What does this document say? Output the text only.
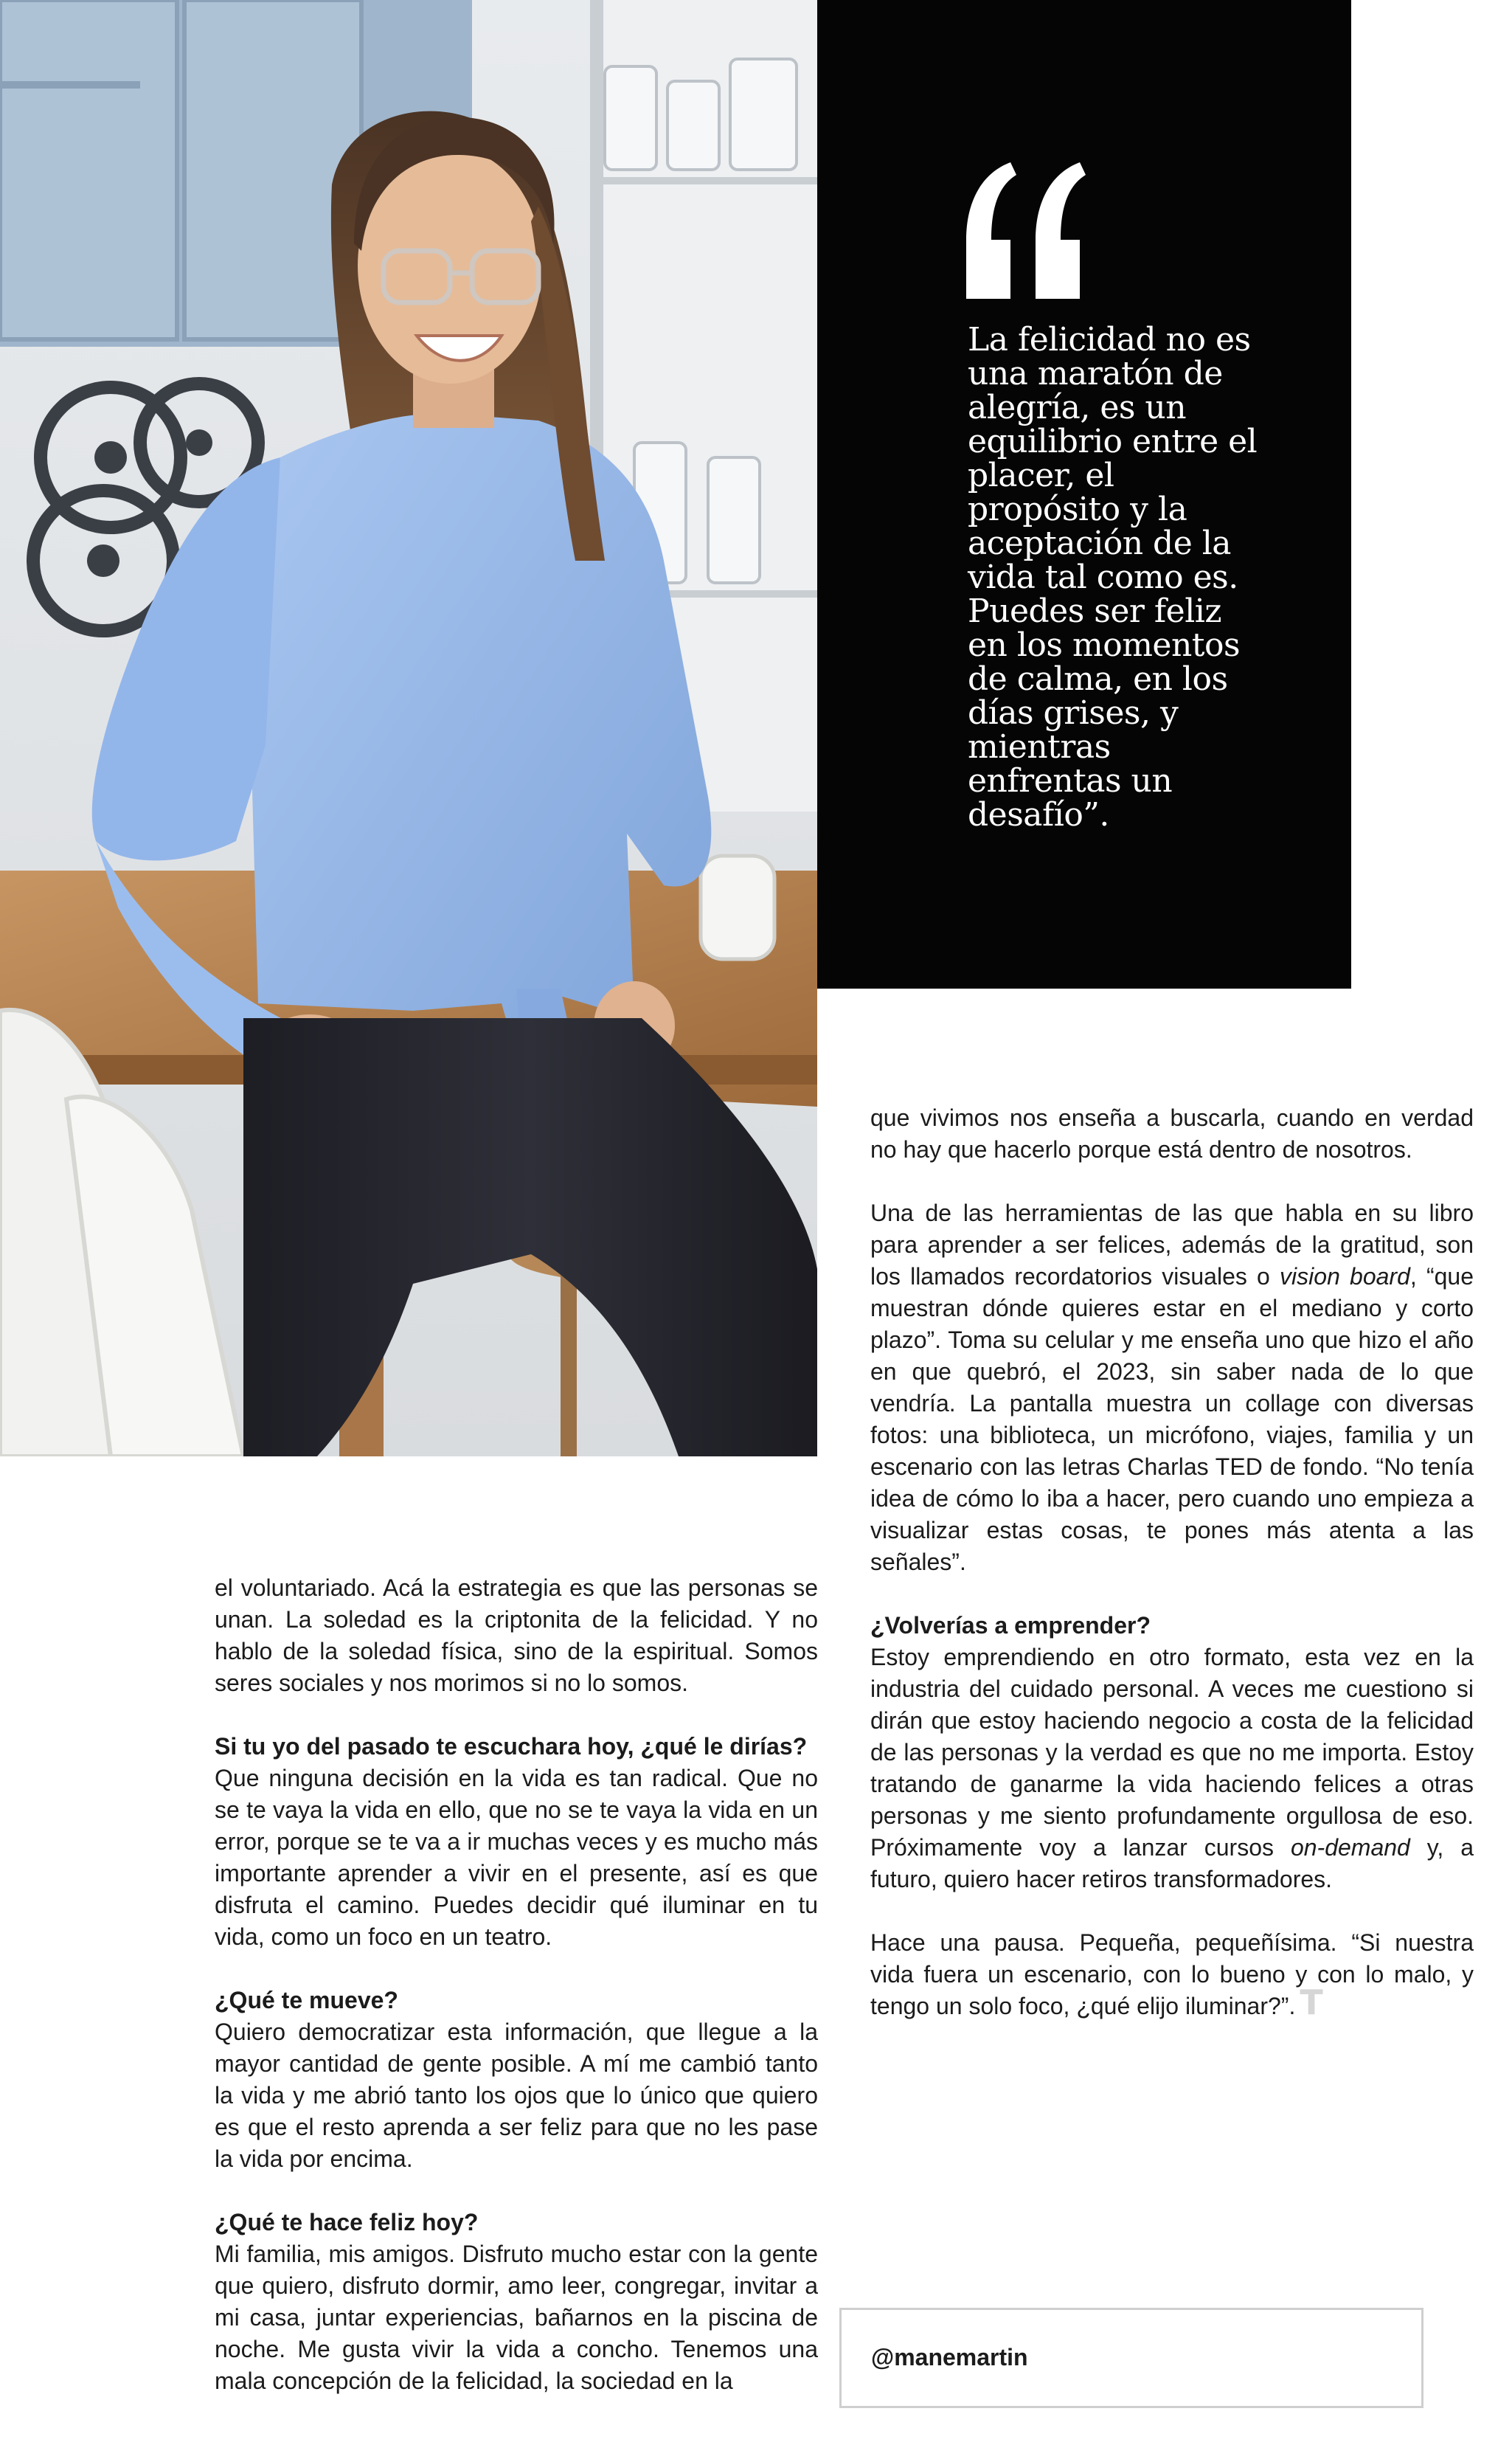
La felicidad no es una maratón de alegría, es un equilibrio entre el placer, el propósito y la aceptación de la vida tal como es. Puedes ser feliz en los momentos de calma, en los días grises, y mientras enfrentas un desafío”.

el voluntariado. Acá la estrategia es que las personas se unan. La soledad es la criptonita de la felicidad. Y no hablo de la soledad física, sino de la espiritual. Somos seres sociales y nos morimos si no lo somos.

Si tu yo del pasado te escuchara hoy, ¿qué le dirías?
Que ninguna decisión en la vida es tan radical. Que no se te vaya la vida en ello, que no se te vaya la vida en un error, porque se te va a ir muchas veces y es mucho más importante aprender a vivir en el presente, así es que disfruta el camino. Puedes decidir qué iluminar en tu vida, como un foco en un teatro.

¿Qué te mueve?
Quiero democratizar esta información, que llegue a la mayor cantidad de gente posible. A mí me cambió tanto la vida y me abrió tanto los ojos que lo único que quiero es que el resto aprenda a ser feliz para que no les pase la vida por encima.

¿Qué te hace feliz hoy?
Mi familia, mis amigos. Disfruto mucho estar con la gente que quiero, disfruto dormir, amo leer, congregar, invitar a mi casa, juntar experiencias, bañarnos en la piscina de noche. Me gusta vivir la vida a concho. Tenemos una mala concepción de la felicidad, la sociedad en la

que vivimos nos enseña a buscarla, cuando en verdad no hay que hacerlo porque está dentro de nosotros.

Una de las herramientas de las que habla en su libro para aprender a ser felices, además de la gratitud, son los llamados recordatorios visuales o vision board, “que muestran dónde quieres estar en el mediano y corto plazo”. Toma su celular y me enseña uno que hizo el año en que quebró, el 2023, sin saber nada de lo que vendría. La pantalla muestra un collage con diversas fotos: una biblioteca, un micrófono, viajes, familia y un escenario con las letras Charlas TED de fondo. “No tenía idea de cómo lo iba a hacer, pero cuando uno empieza a visualizar estas cosas, te pones más atenta a las señales”.

¿Volverías a emprender?
Estoy emprendiendo en otro formato, esta vez en la industria del cuidado personal. A veces me cuestiono si dirán que estoy haciendo negocio a costa de la felicidad de las personas y la verdad es que no me importa. Estoy tratando de ganarme la vida haciendo felices a otras personas y me siento profundamente orgullosa de eso. Próximamente voy a lanzar cursos on-demand y, a futuro, quiero hacer retiros transformadores.

Hace una pausa. Pequeña, pequeñísima. “Si nuestra vida fuera un escenario, con lo bueno y con lo malo, y tengo un solo foco, ¿qué elijo iluminar?”. T

@manemartin
